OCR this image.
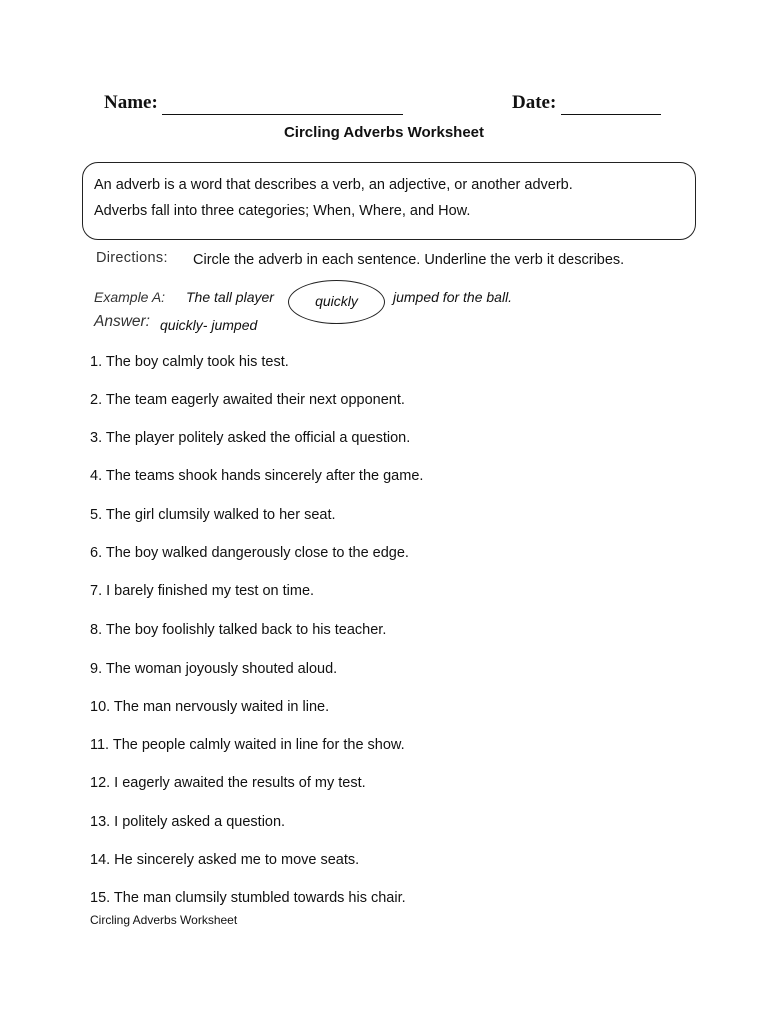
Name:	Date:
Circling Adverbs Worksheet
An adverb is a word that describes a verb, an adjective, or another adverb.
Adverbs fall into three categories; When, Where, and How.
Directions: Circle the adverb in each sentence. Underline the verb it describes.
Example A: The tall player	quickly	jumped for the ball.
Answer: quickly- jumped
1. The boy calmly took his test.
2. The team eagerly awaited their next opponent.
3. The player politely asked the official a question.
4. The teams shook hands sincerely after the game.
5. The girl clumsily walked to her seat.
6. The boy walked dangerously close to the edge.
7. I barely finished my test on time.
8. The boy foolishly talked back to his teacher.
9. The woman joyously shouted aloud.
10. The man nervously waited in line.
11. The people calmly waited in line for the show.
12. I eagerly awaited the results of my test.
13. I politely asked a question.
14. He sincerely asked me to move seats.
15. The man clumsily stumbled towards his chair.
Circling Adverbs Worksheet
